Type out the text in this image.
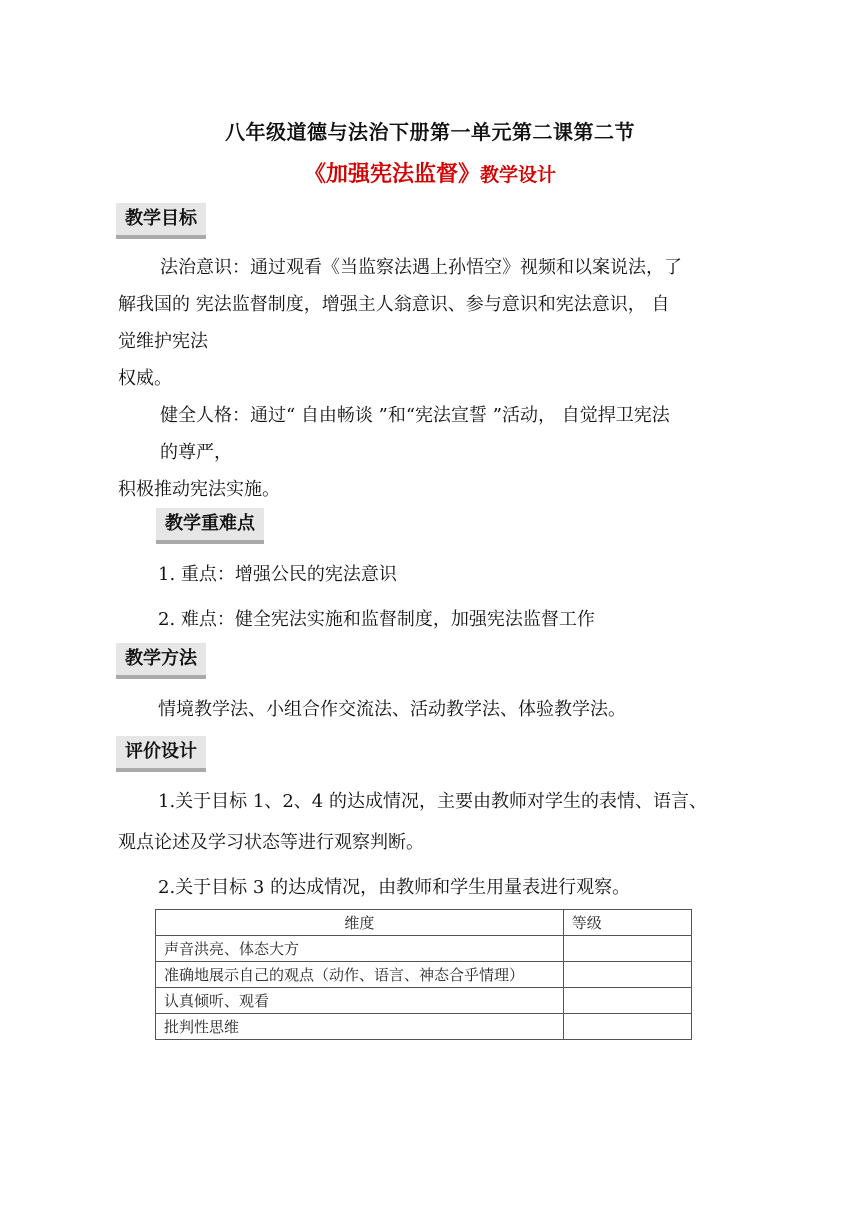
八年级道德与法治下册第一单元第二课第二节

《加强宪法监督》教学设计

教学目标

法治意识：通过观看《当监察法遇上孙悟空》视频和以案说法，了

解我国的 宪法监督制度，增强主人翁意识、参与意识和宪法意识， 自

觉维护宪法

权威。

健全人格：通过“ 自由畅谈 ”和“宪法宣誓 ”活动， 自觉捍卫宪法

的尊严，

积极推动宪法实施。

教学重难点

1. 重点：增强公民的宪法意识

2. 难点：健全宪法实施和监督制度，加强宪法监督工作

教学方法

情境教学法、小组合作交流法、活动教学法、体验教学法。

评价设计

1.关于目标 1、2、4 的达成情况，主要由教师对学生的表情、语言、

观点论述及学习状态等进行观察判断。

2.关于目标 3 的达成情况，由教师和学生用量表进行观察。

维度	等级
声音洪亮、体态大方	
准确地展示自己的观点（动作、语言、神态合乎情理）	
认真倾听、观看	
批判性思维	
